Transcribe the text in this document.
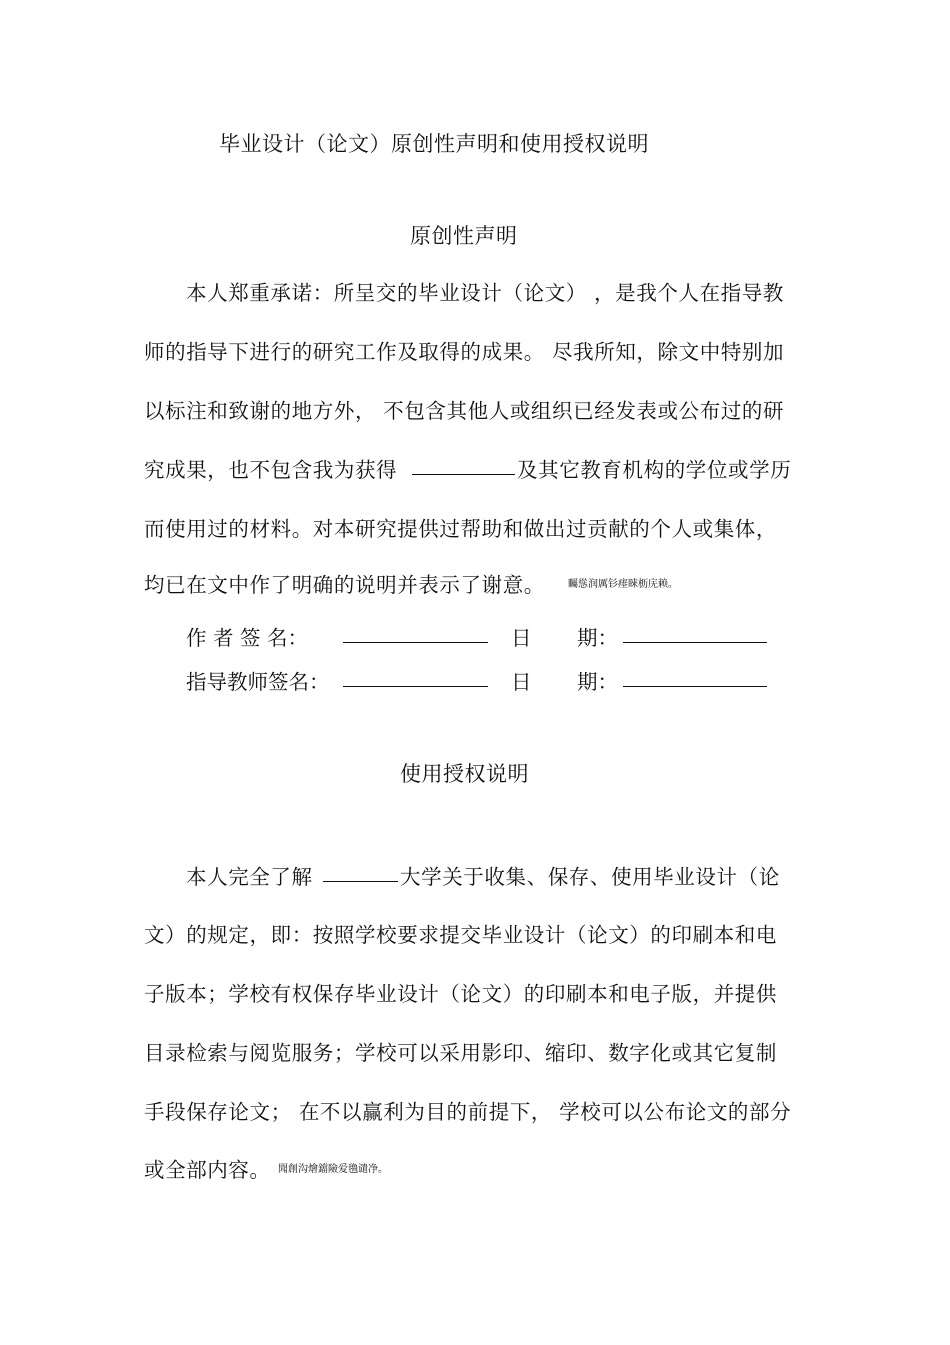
毕业设计（论文）原创性声明和使用授权说明
原创性声明
本人郑重承诺：所呈交的毕业设计（论文） ，是我个人在指导教
师的指导下进行的研究工作及取得的成果。 尽我所知，除文中特别加
以标注和致谢的地方外， 不包含其他人或组织已经发表或公布过的研
究成果，也不包含我为获得	及其它教育机构的学位或学历
而使用过的材料。对本研究提供过帮助和做出过贡献的个人或集体，
均已在文中作了明确的说明并表示了谢意。 矚慫润厲钐瘗睞枥庑赖。
作 者 签 名：	日 期：
指导教师签名：	日 期：
使用授权说明
本人完全了解	大学关于收集、保存、使用毕业设计（论
文）的规定，即：按照学校要求提交毕业设计（论文）的印刷本和电
子版本；学校有权保存毕业设计（论文）的印刷本和电子版，并提供
目录检索与阅览服务；学校可以采用影印、缩印、数字化或其它复制
手段保存论文； 在不以赢利为目的前提下， 学校可以公布论文的部分
或全部内容。 聞創沟燴鐺險爱氇谴净。
